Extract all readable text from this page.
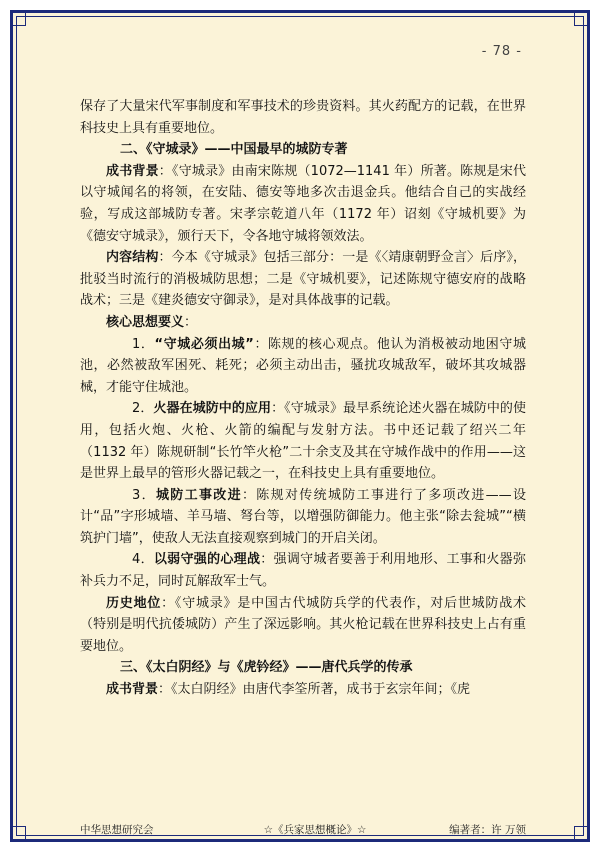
- 78 -

保存了大量宋代军事制度和军事技术的珍贵资料。其火药配方的记载，在世界科技史上具有重要地位。

二、《守城录》——中国最早的城防专著

成书背景：《守城录》由南宋陈规（1072—1141 年）所著。陈规是宋代以守城闻名的将领，在安陆、德安等地多次击退金兵。他结合自己的实战经验，写成这部城防专著。宋孝宗乾道八年（1172 年）诏刻《守城机要》为《德安守城录》，颁行天下，令各地守城将领效法。

内容结构：今本《守城录》包括三部分：一是《〈靖康朝野佥言〉后序》，批驳当时流行的消极城防思想；二是《守城机要》，记述陈规守德安府的战略战术；三是《建炎德安守御录》，是对具体战事的记载。

核心思想要义：

1．“守城必须出城”：陈规的核心观点。他认为消极被动地困守城池，必然被敌军困死、耗死；必须主动出击，骚扰攻城敌军，破坏其攻城器械，才能守住城池。

2．火器在城防中的应用：《守城录》最早系统论述火器在城防中的使用，包括火炮、火枪、火箭的编配与发射方法。书中还记载了绍兴二年（1132 年）陈规研制“长竹竿火枪”二十余支及其在守城作战中的作用——这是世界上最早的管形火器记载之一，在科技史上具有重要地位。

3．城防工事改进：陈规对传统城防工事进行了多项改进——设计“品”字形城墙、羊马墙、弩台等，以增强防御能力。他主张“除去瓮城”“横筑护门墙”，使敌人无法直接观察到城门的开启关闭。

4．以弱守强的心理战：强调守城者要善于利用地形、工事和火器弥补兵力不足，同时瓦解敌军士气。

历史地位：《守城录》是中国古代城防兵学的代表作，对后世城防战术（特别是明代抗倭城防）产生了深远影响。其火枪记载在世界科技史上占有重要地位。

三、《太白阴经》与《虎钤经》——唐代兵学的传承

成书背景：《太白阴经》由唐代李筌所著，成书于玄宗年间；《虎

中华思想研究会	☆《兵家思想概论》☆	编著者：许 万领
